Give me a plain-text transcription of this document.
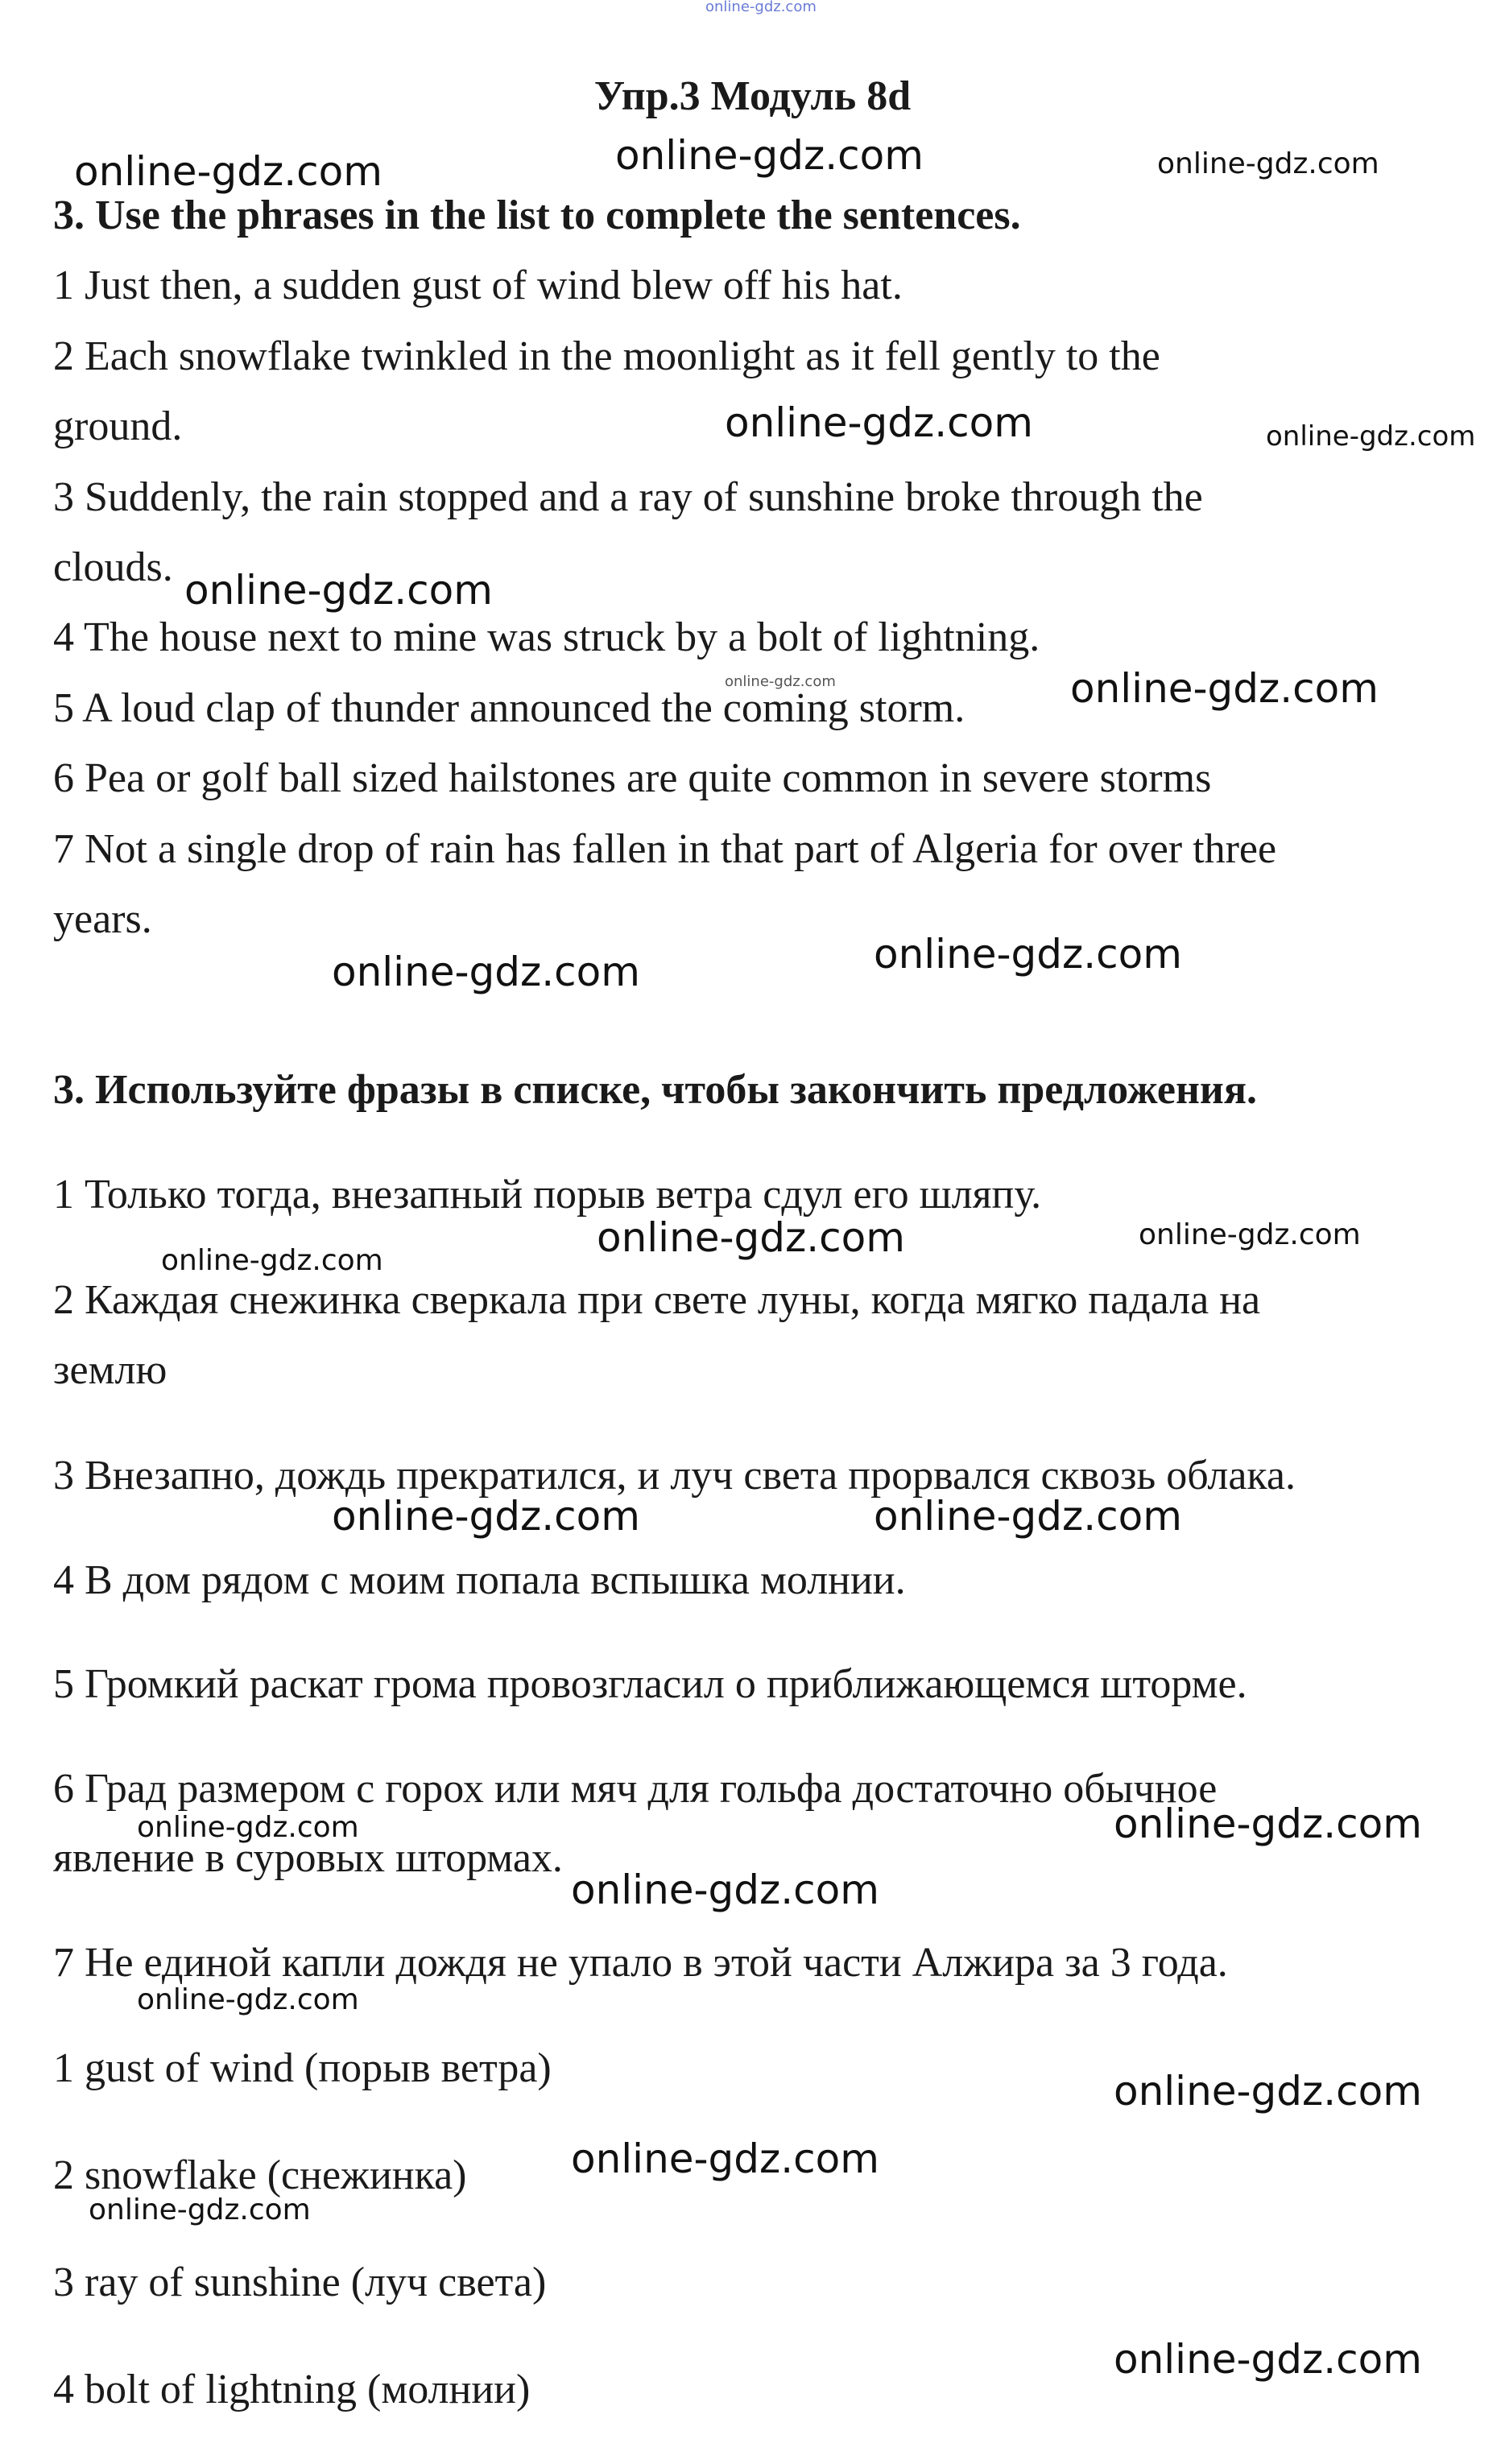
online-gdz.com
online-gdz.com	online-gdz.com	online-gdz.com
online-gdz.com	online-gdz.com
online-gdz.com
online-gdz.com	online-gdz.com
online-gdz.com
online-gdz.com
online-gdz.com
online-gdz.com
online-gdz.com
online-gdz.com	online-gdz.com
online-gdz.com	online-gdz.com
online-gdz.com
online-gdz.com
online-gdz.com
online-gdz.com
online-gdz.com
online-gdz.com
Упр.3 Модуль 8d
3. Use the phrases in the list to complete the sentences.

1 Just then, a sudden gust of wind blew off his hat.

2 Each snowflake twinkled in the moonlight as it fell gently to the

ground.

3 Suddenly, the rain stopped and a ray of sunshine broke through the

clouds.

4 The house next to mine was struck by a bolt of lightning.

5 A loud clap of thunder announced the coming storm.

6 Pea or golf ball sized hailstones are quite common in severe storms

7 Not a single drop of rain has fallen in that part of Algeria for over three

years.

3. Используйте фразы в списке, чтобы закончить предложения.

1 Только тогда, внезапный порыв ветра сдул его шляпу.

2 Каждая снежинка сверкала при свете луны, когда мягко падала на

землю

3 Внезапно, дождь прекратился, и луч света прорвался сквозь облака.

4 В дом рядом с моим попала вспышка молнии.

5 Громкий раскат грома провозгласил о приближающемся шторме.

6 Град размером с горох или мяч для гольфа достаточно обычное

явление в суровых штормах.

7 Не единой капли дождя не упало в этой части Алжира за 3 года.

1 gust of wind (порыв ветра)

2 snowflake (снежинка)

3 ray of sunshine (луч света)

4 bolt of lightning (молнии)
